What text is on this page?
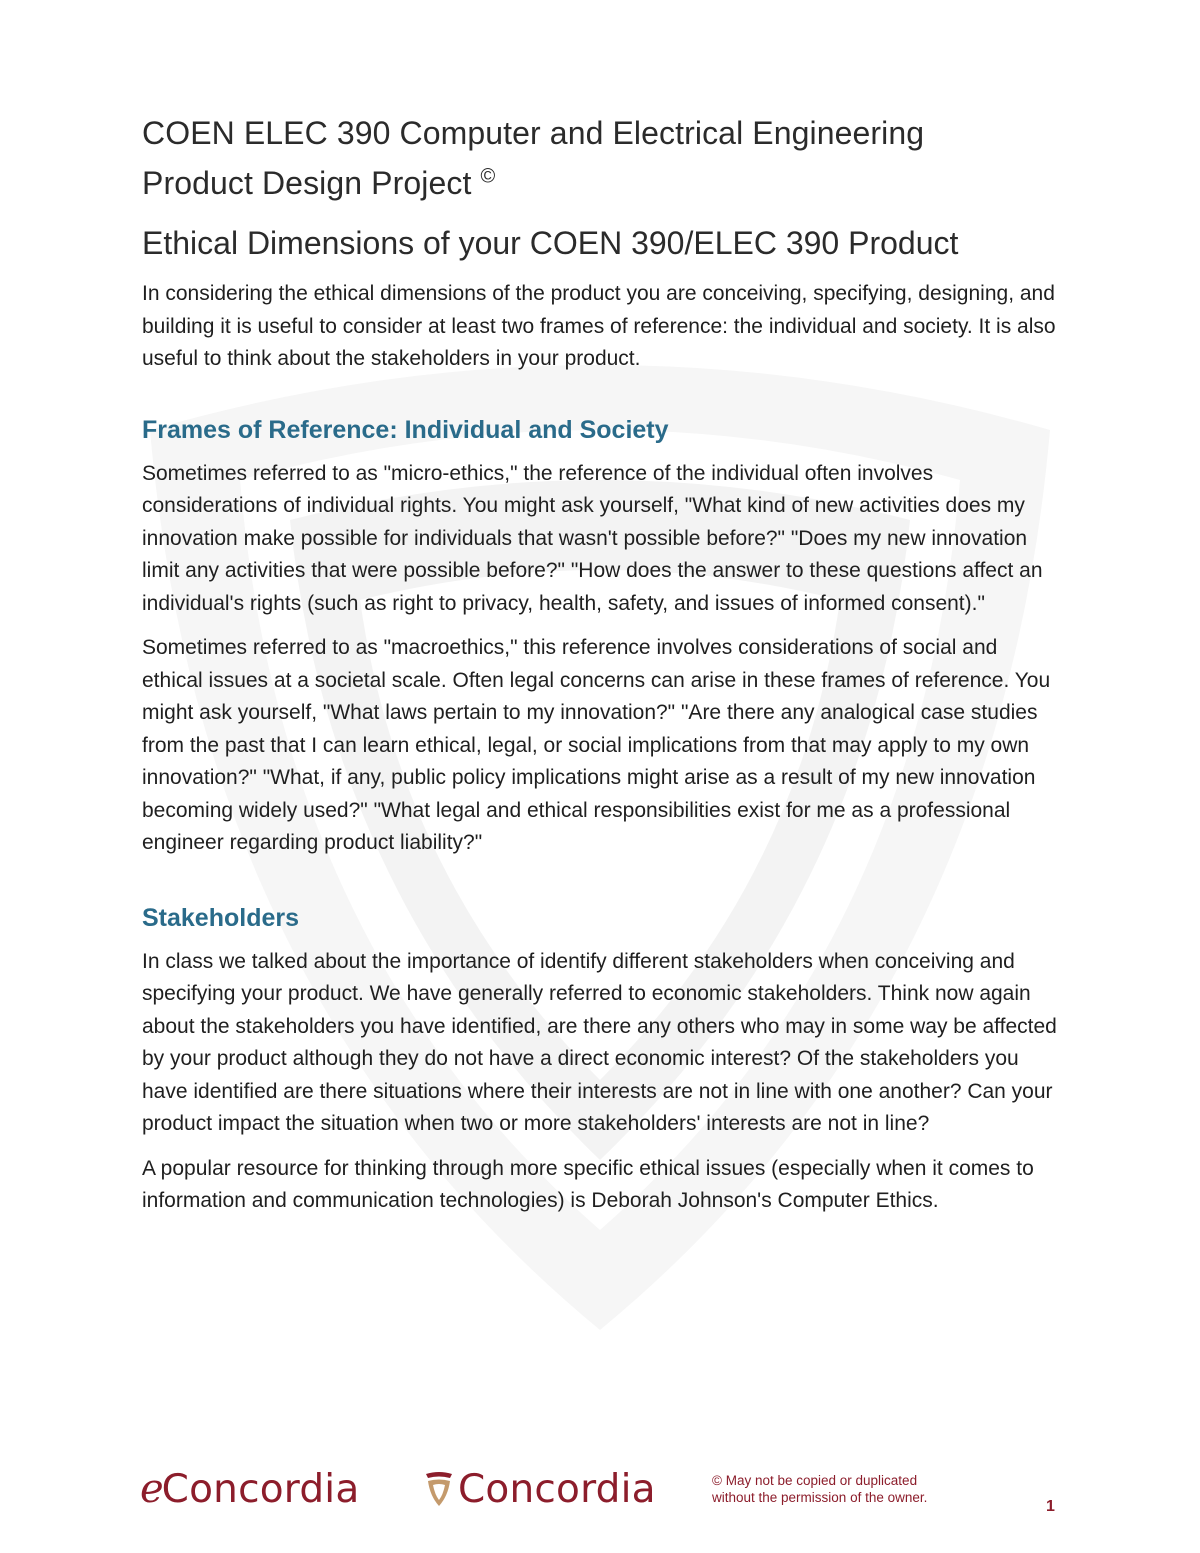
COEN ELEC 390 Computer and Electrical Engineering
Product Design Project ©
Ethical Dimensions of your COEN 390/ELEC 390 Product

In considering the ethical dimensions of the product you are conceiving, specifying, designing, and building it is useful to consider at least two frames of reference: the individual and society. It is also useful to think about the stakeholders in your product.

Frames of Reference: Individual and Society

Sometimes referred to as "micro-ethics," the reference of the individual often involves considerations of individual rights. You might ask yourself, "What kind of new activities does my innovation make possible for individuals that wasn't possible before?" "Does my new innovation limit any activities that were possible before?" "How does the answer to these questions affect an individual's rights (such as right to privacy, health, safety, and issues of informed consent)."

Sometimes referred to as "macroethics," this reference involves considerations of social and ethical issues at a societal scale. Often legal concerns can arise in these frames of reference. You might ask yourself, "What laws pertain to my innovation?" "Are there any analogical case studies from the past that I can learn ethical, legal, or social implications from that may apply to my own innovation?" "What, if any, public policy implications might arise as a result of my new innovation becoming widely used?" "What legal and ethical responsibilities exist for me as a professional engineer regarding product liability?"

Stakeholders

In class we talked about the importance of identify different stakeholders when conceiving and specifying your product. We have generally referred to economic stakeholders. Think now again about the stakeholders you have identified, are there any others who may in some way be affected by your product although they do not have a direct economic interest? Of the stakeholders you have identified are there situations where their interests are not in line with one another? Can your product impact the situation when two or more stakeholders' interests are not in line?

A popular resource for thinking through more specific ethical issues (especially when it comes to information and communication technologies) is Deborah Johnson's Computer Ethics.

e
Concordia	Concordia	© May not be copied or duplicated
without the permission of the owner.
1
